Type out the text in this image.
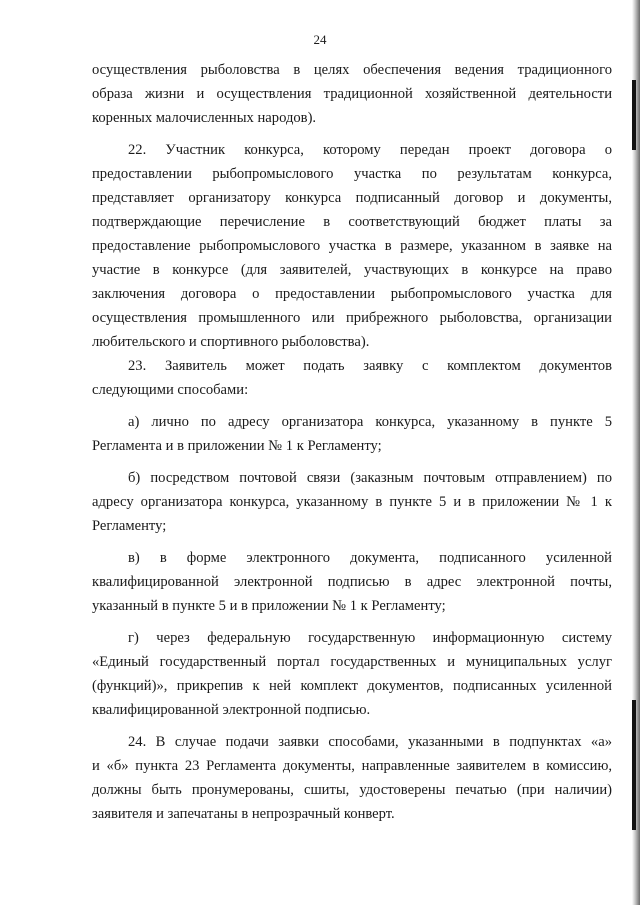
24
осуществления рыболовства в целях обеспечения ведения традиционного
образа жизни и осуществления традиционной хозяйственной деятельности
коренных малочисленных народов).
22. Участник конкурса, которому передан проект договора о
предоставлении рыбопромыслового участка по результатам конкурса,
представляет организатору конкурса подписанный договор и документы,
подтверждающие перечисление в соответствующий бюджет платы за
предоставление рыбопромыслового участка в размере, указанном в заявке на
участие в конкурсе (для заявителей, участвующих в конкурсе на право
заключения договора о предоставлении рыбопромыслового участка для
осуществления промышленного или прибрежного рыболовства, организации
любительского и спортивного рыболовства).
23. Заявитель может подать заявку с комплектом документов
следующими способами:
а) лично по адресу организатора конкурса, указанному в пункте 5
Регламента и в приложении № 1 к Регламенту;
б) посредством почтовой связи (заказным почтовым отправлением) по
адресу организатора конкурса, указанному в пункте 5 и в приложении № 1 к
Регламенту;
в) в форме электронного документа, подписанного усиленной
квалифицированной электронной подписью в адрес электронной почты,
указанный в пункте 5 и в приложении № 1 к Регламенту;
г) через федеральную государственную информационную систему
«Единый государственный портал государственных и муниципальных услуг
(функций)», прикрепив к ней комплект документов, подписанных усиленной
квалифицированной электронной подписью.
24. В случае подачи заявки способами, указанными в подпунктах «а»
и «б» пункта 23 Регламента документы, направленные заявителем в комиссию,
должны быть пронумерованы, сшиты, удостоверены печатью (при наличии)
заявителя и запечатаны в непрозрачный конверт.
